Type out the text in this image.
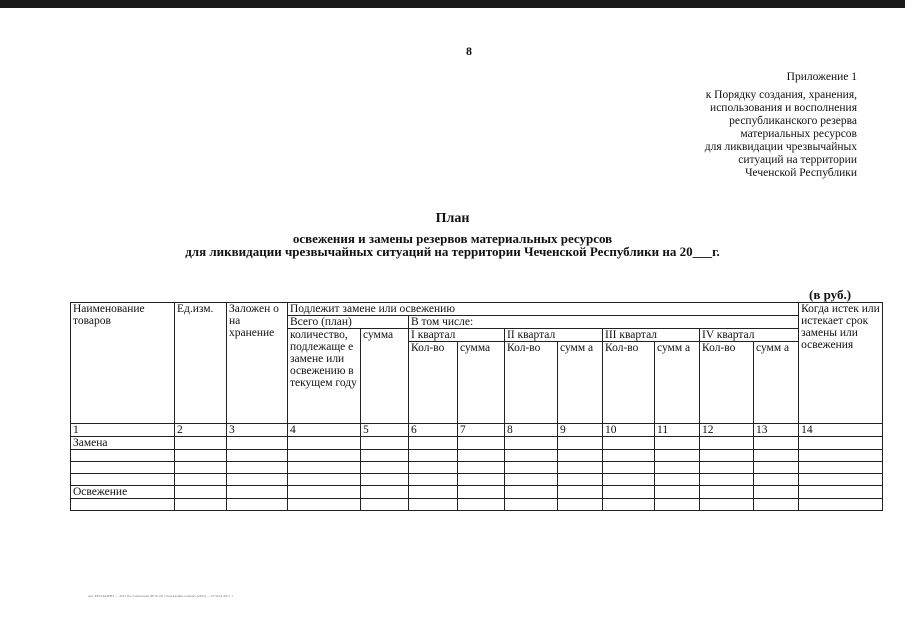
8
Приложение 1
к Порядку создания, хранения,
использования и восполнения
республиканского резерва
материальных ресурсов
для ликвидации чрезвычайных
ситуаций на территории
Чеченской Республики
План
освежения и замены резервов материальных ресурсов
для ликвидации чрезвычайных ситуаций на территории Чеченской Республики на 20___г.
(в руб.)
Наименование товаров	Ед.изм.	Заложен о на хранение	Подлежит замене или освежению										Когда истек или истекает срок замены или освежения
			Всего (план)		В том числе:								
			количество, подлежаще е замене или освежению в текущем году	сумма	I квартал		II квартал		III квартал		IV квартал		
					Кол-во	сумма	Кол-во	сумм а	Кол-во	сумм а	Кол-во	сумм а	
1	2	3	4	5	6	7	8	9	10	11	12	13	14
Замена													

Освежение													

Арт-РЕГЛАМЕНТ — 2023 Постановление ЧР № Об утверждении порядка (2023) — 07/2024 Лист 1
